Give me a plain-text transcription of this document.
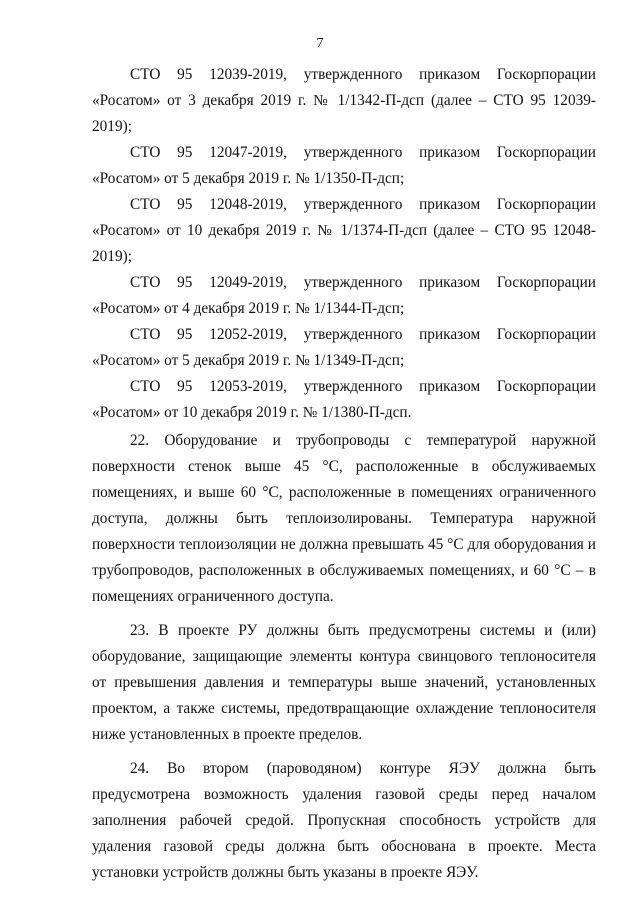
7

СТО 95 12039-2019, утвержденного приказом Госкорпорации «Росатом» от 3 декабря 2019 г. № 1/1342-П-дсп (далее – СТО 95 12039-2019);

СТО 95 12047-2019, утвержденного приказом Госкорпорации «Росатом» от 5 декабря 2019 г. № 1/1350-П-дсп;

СТО 95 12048-2019, утвержденного приказом Госкорпорации «Росатом» от 10 декабря 2019 г. № 1/1374-П-дсп (далее – СТО 95 12048-2019);

СТО 95 12049-2019, утвержденного приказом Госкорпорации «Росатом» от 4 декабря 2019 г. № 1/1344-П-дсп;

СТО 95 12052-2019, утвержденного приказом Госкорпорации «Росатом» от 5 декабря 2019 г. № 1/1349-П-дсп;

СТО 95 12053-2019, утвержденного приказом Госкорпорации «Росатом» от 10 декабря 2019 г. № 1/1380-П-дсп.

22. Оборудование и трубопроводы с температурой наружной поверхности стенок выше 45 °С, расположенные в обслуживаемых помещениях, и выше 60 °С, расположенные в помещениях ограниченного доступа, должны быть теплоизолированы. Температура наружной поверхности теплоизоляции не должна превышать 45 °С для оборудования и трубопроводов, расположенных в обслуживаемых помещениях, и 60 °С – в помещениях ограниченного доступа.

23. В проекте РУ должны быть предусмотрены системы и (или) оборудование, защищающие элементы контура свинцового теплоносителя от превышения давления и температуры выше значений, установленных проектом, а также системы, предотвращающие охлаждение теплоносителя ниже установленных в проекте пределов.

24. Во втором (пароводяном) контуре ЯЭУ должна быть предусмотрена возможность удаления газовой среды перед началом заполнения рабочей средой. Пропускная способность устройств для удаления газовой среды должна быть обоснована в проекте. Места установки устройств должны быть указаны в проекте ЯЭУ.
